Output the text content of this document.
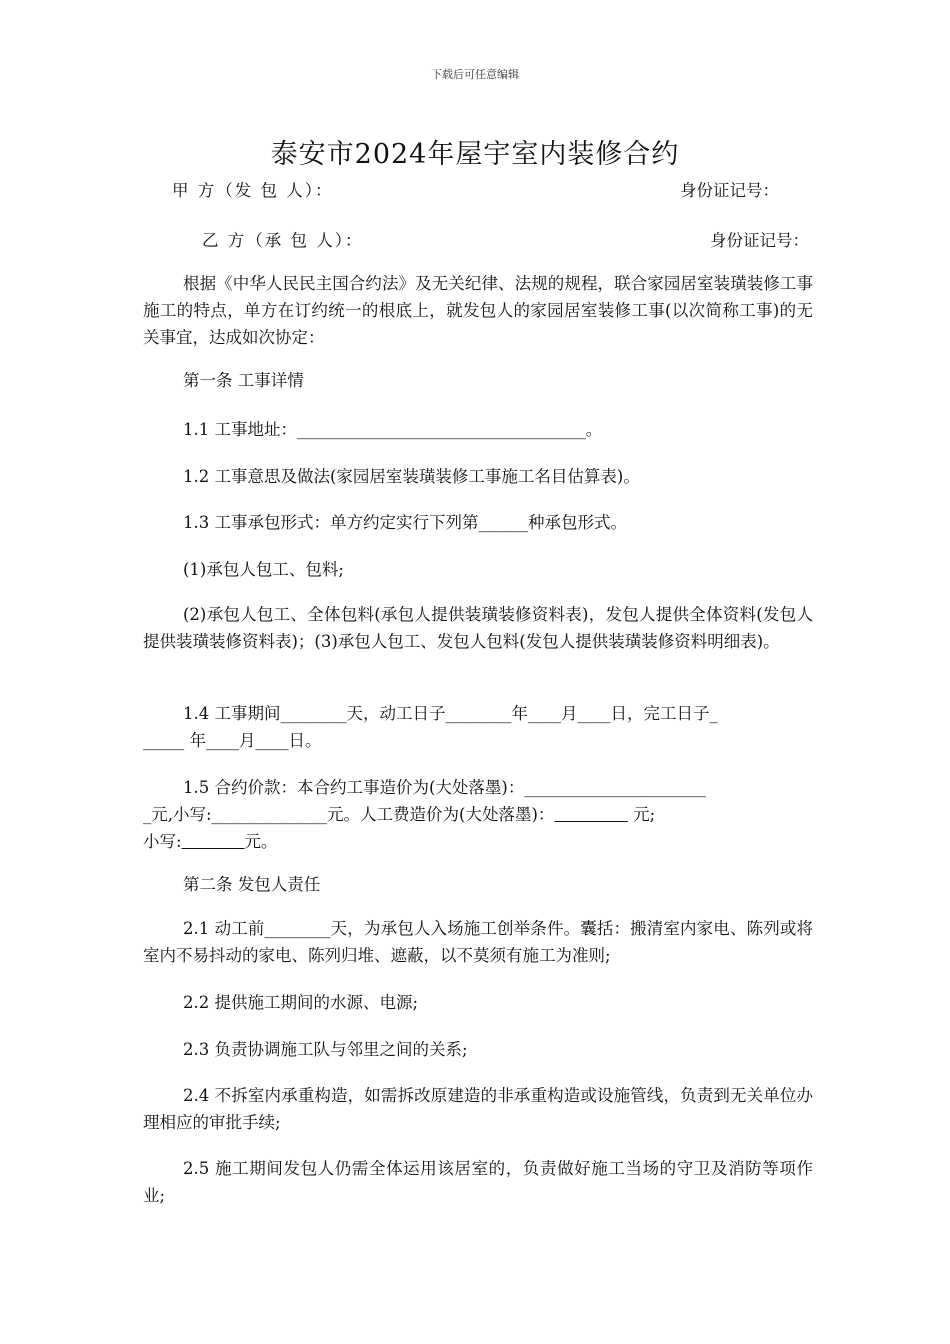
下载后可任意编辑
泰安市2024年屋宇室内装修合约
甲 方（发 包 人）：	身份证记号：
乙 方（承 包 人）：	身份证记号：
根据《中华人民民主国合约法》及无关纪律、法规的规程，联合家园居室装璜装修工事施工的特点，单方在订约统一的根底上，就发包人的家园居室装修工事(以次简称工事)的无关事宜，达成如次协定：
第一条 工事详情
1.1 工事地址：___________________________________。
1.2 工事意思及做法(家园居室装璜装修工事施工名目估算表)。
1.3 工事承包形式：单方约定实行下列第______种承包形式。
(1)承包人包工、包料;
(2)承包人包工、全体包料(承包人提供装璜装修资料表)，发包人提供全体资料(发包人提供装璜装修资料表)；(3)承包人包工、发包人包料(发包人提供装璜装修资料明细表)。
1.4 工事期间________天，动工日子________年____月____日，完工日子_
_____ 年____月____日。
1.5 合约价款：本合约工事造价为(大处落墨)：______________________
_元,小写:______________元。人工费造价为(大处落墨)：	元;
小写:	元。
第二条 发包人责任
2.1 动工前________天，为承包人入场施工创举条件。囊括：搬清室内家电、陈列或将室内不易抖动的家电、陈列归堆、遮蔽，以不莫须有施工为准则;
2.2 提供施工期间的水源、电源;
2.3 负责协调施工队与邻里之间的关系;
2.4 不拆室内承重构造，如需拆改原建造的非承重构造或设施管线，负责到无关单位办理相应的审批手续;
2.5 施工期间发包人仍需全体运用该居室的，负责做好施工当场的守卫及消防等项作业;
